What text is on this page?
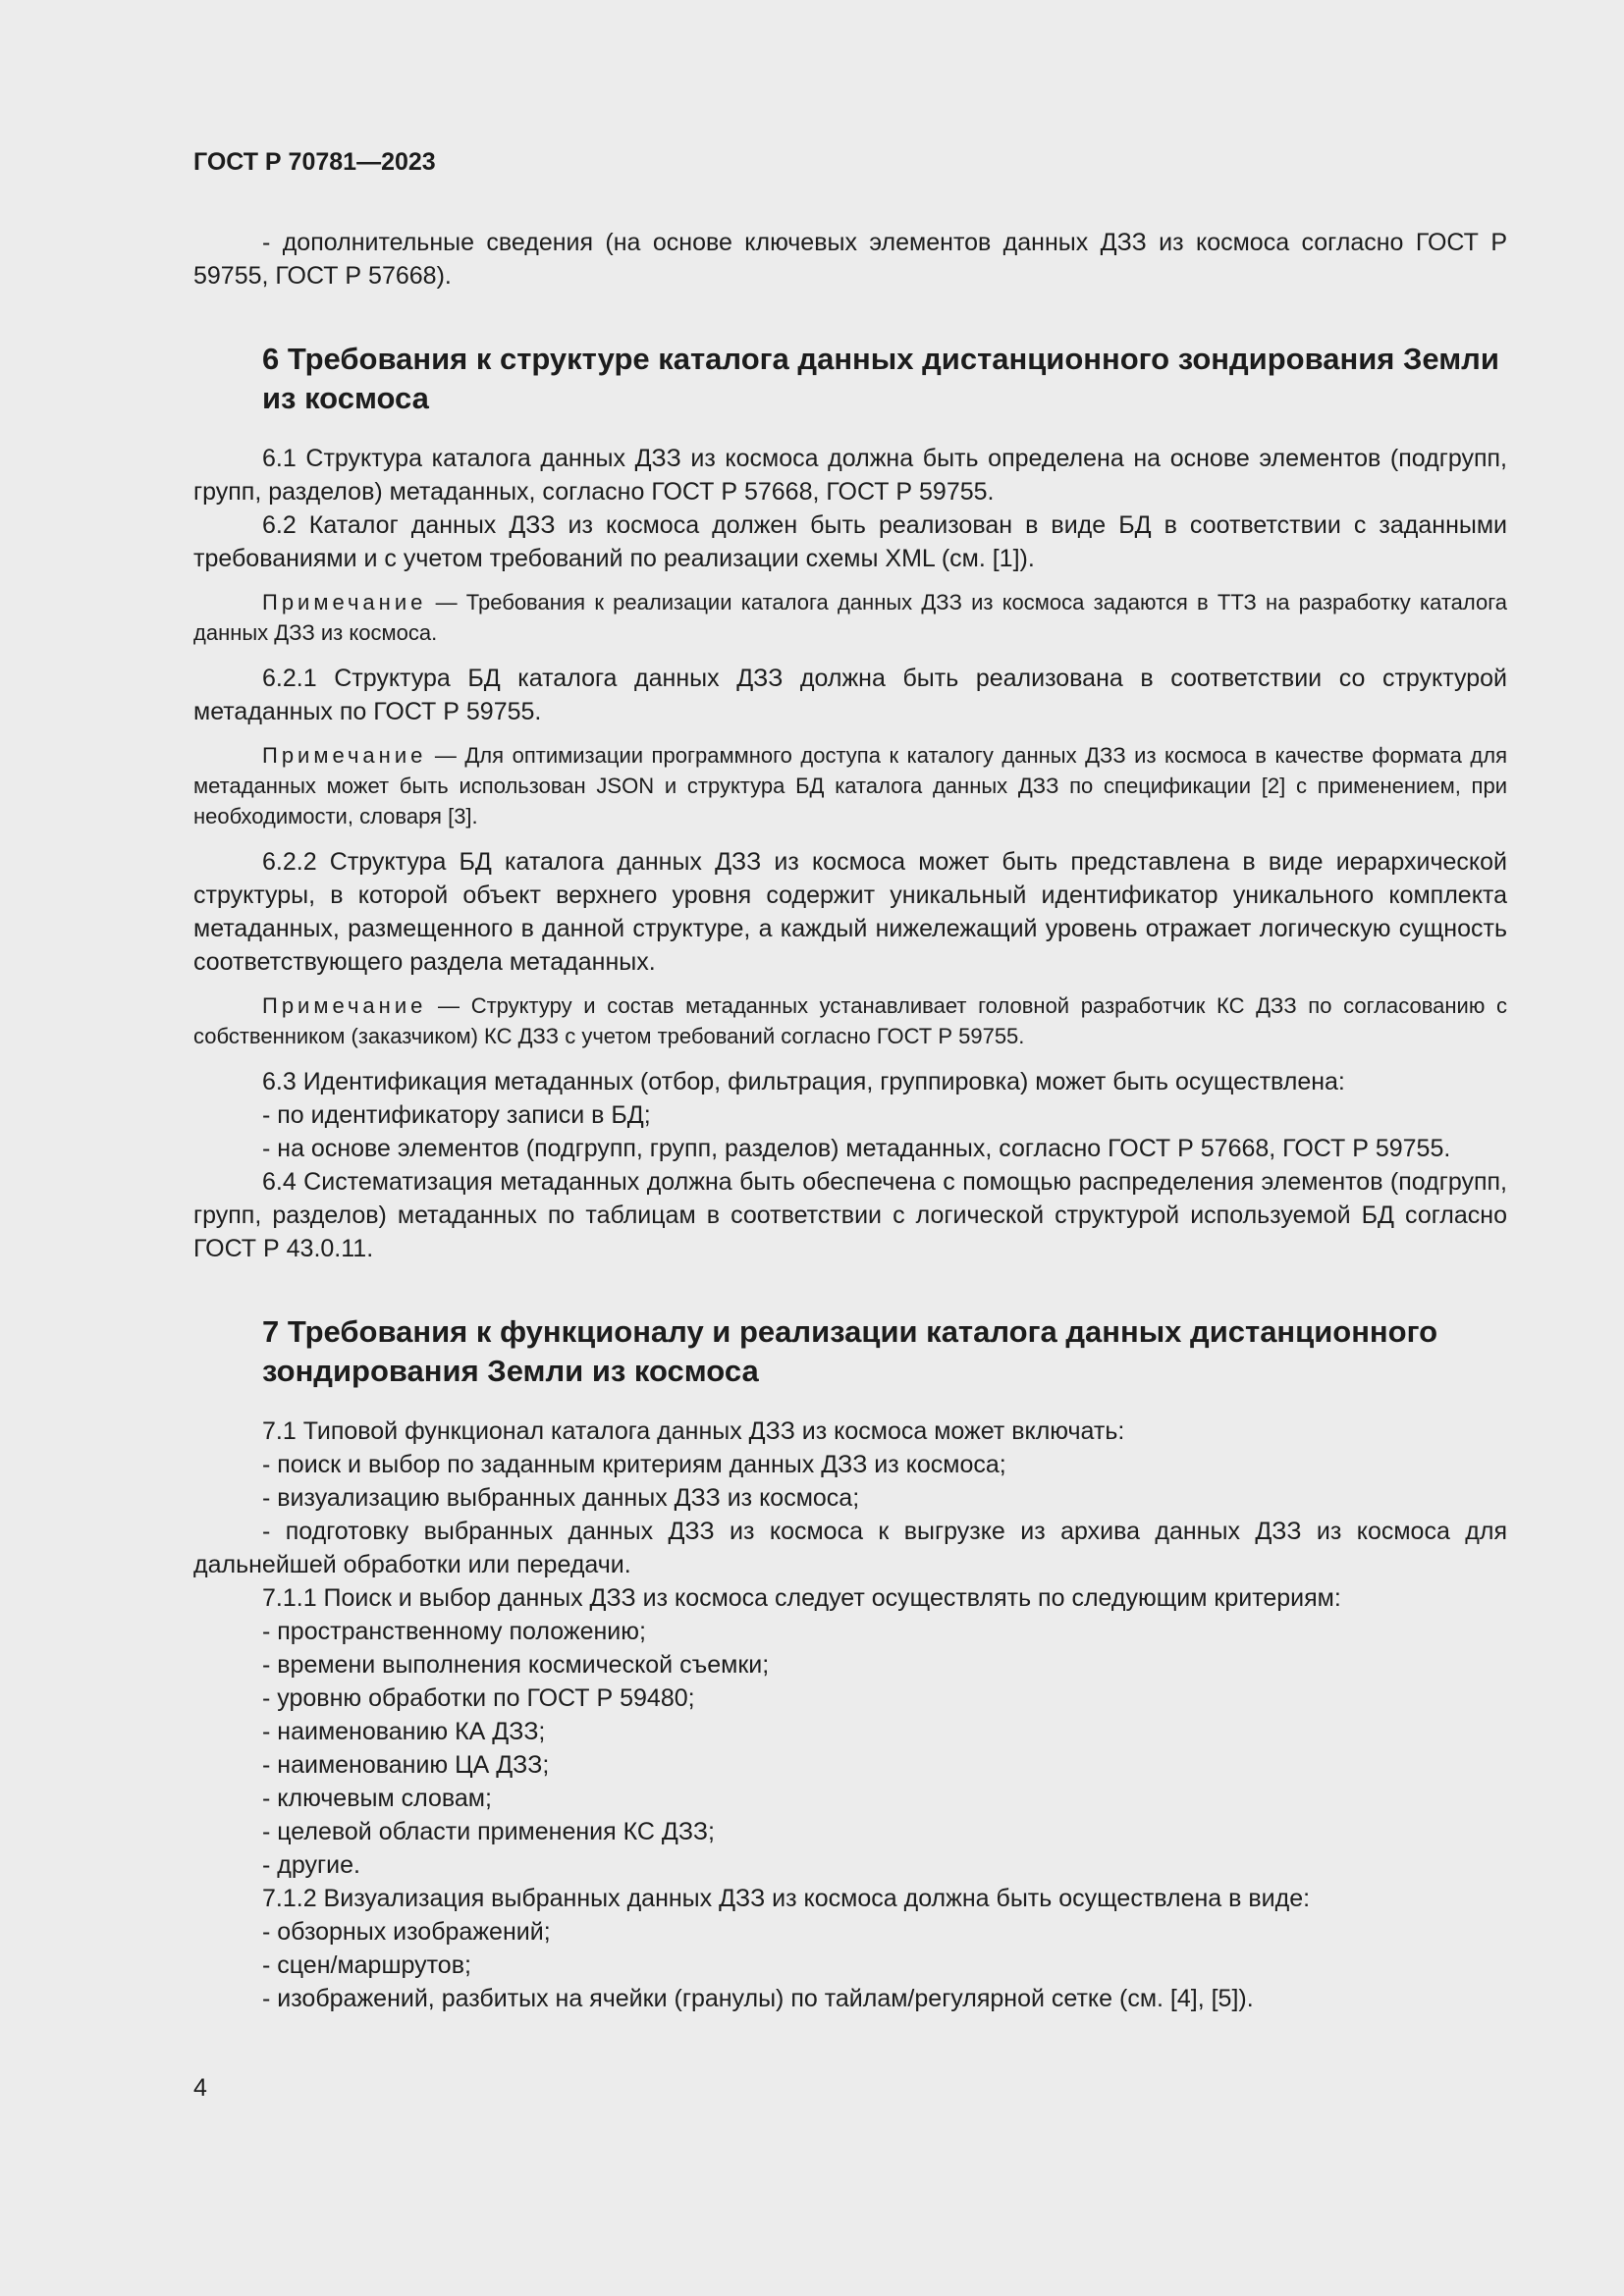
ГОСТ Р 70781—2023

- дополнительные сведения (на основе ключевых элементов данных ДЗЗ из космоса согласно ГОСТ Р 59755, ГОСТ Р 57668).

6 Требования к структуре каталога данных дистанционного зондирования Земли из космоса

6.1 Структура каталога данных ДЗЗ из космоса должна быть определена на основе элементов (подгрупп, групп, разделов) метаданных, согласно ГОСТ Р 57668, ГОСТ Р 59755.

6.2 Каталог данных ДЗЗ из космоса должен быть реализован в виде БД в соответствии с заданными требованиями и с учетом требований по реализации схемы XML (см. [1]).

Примечание — Требования к реализации каталога данных ДЗЗ из космоса задаются в ТТЗ на разработку каталога данных ДЗЗ из космоса.

6.2.1 Структура БД каталога данных ДЗЗ должна быть реализована в соответствии со структурой метаданных по ГОСТ Р 59755.

Примечание — Для оптимизации программного доступа к каталогу данных ДЗЗ из космоса в качестве формата для метаданных может быть использован JSON и структура БД каталога данных ДЗЗ по спецификации [2] с применением, при необходимости, словаря [3].

6.2.2 Структура БД каталога данных ДЗЗ из космоса может быть представлена в виде иерархической структуры, в которой объект верхнего уровня содержит уникальный идентификатор уникального комплекта метаданных, размещенного в данной структуре, а каждый нижележащий уровень отражает логическую сущность соответствующего раздела метаданных.

Примечание — Структуру и состав метаданных устанавливает головной разработчик КС ДЗЗ по согласованию с собственником (заказчиком) КС ДЗЗ с учетом требований согласно ГОСТ Р 59755.

6.3 Идентификация метаданных (отбор, фильтрация, группировка) может быть осуществлена:

- по идентификатору записи в БД;

- на основе элементов (подгрупп, групп, разделов) метаданных, согласно ГОСТ Р 57668, ГОСТ Р 59755.

6.4 Систематизация метаданных должна быть обеспечена с помощью распределения элементов (подгрупп, групп, разделов) метаданных по таблицам в соответствии с логической структурой используемой БД согласно ГОСТ Р 43.0.11.

7 Требования к функционалу и реализации каталога данных дистанционного зондирования Земли из космоса

7.1 Типовой функционал каталога данных ДЗЗ из космоса может включать:

- поиск и выбор по заданным критериям данных ДЗЗ из космоса;

- визуализацию выбранных данных ДЗЗ из космоса;

- подготовку выбранных данных ДЗЗ из космоса к выгрузке из архива данных ДЗЗ из космоса для дальнейшей обработки или передачи.

7.1.1 Поиск и выбор данных ДЗЗ из космоса следует осуществлять по следующим критериям:

- пространственному положению;

- времени выполнения космической съемки;

- уровню обработки по ГОСТ Р 59480;

- наименованию КА ДЗЗ;

- наименованию ЦА ДЗЗ;

- ключевым словам;

- целевой области применения КС ДЗЗ;

- другие.

7.1.2 Визуализация выбранных данных ДЗЗ из космоса должна быть осуществлена в виде:

- обзорных изображений;

- сцен/маршрутов;

- изображений, разбитых на ячейки (гранулы) по тайлам/регулярной сетке (см. [4], [5]).

4
